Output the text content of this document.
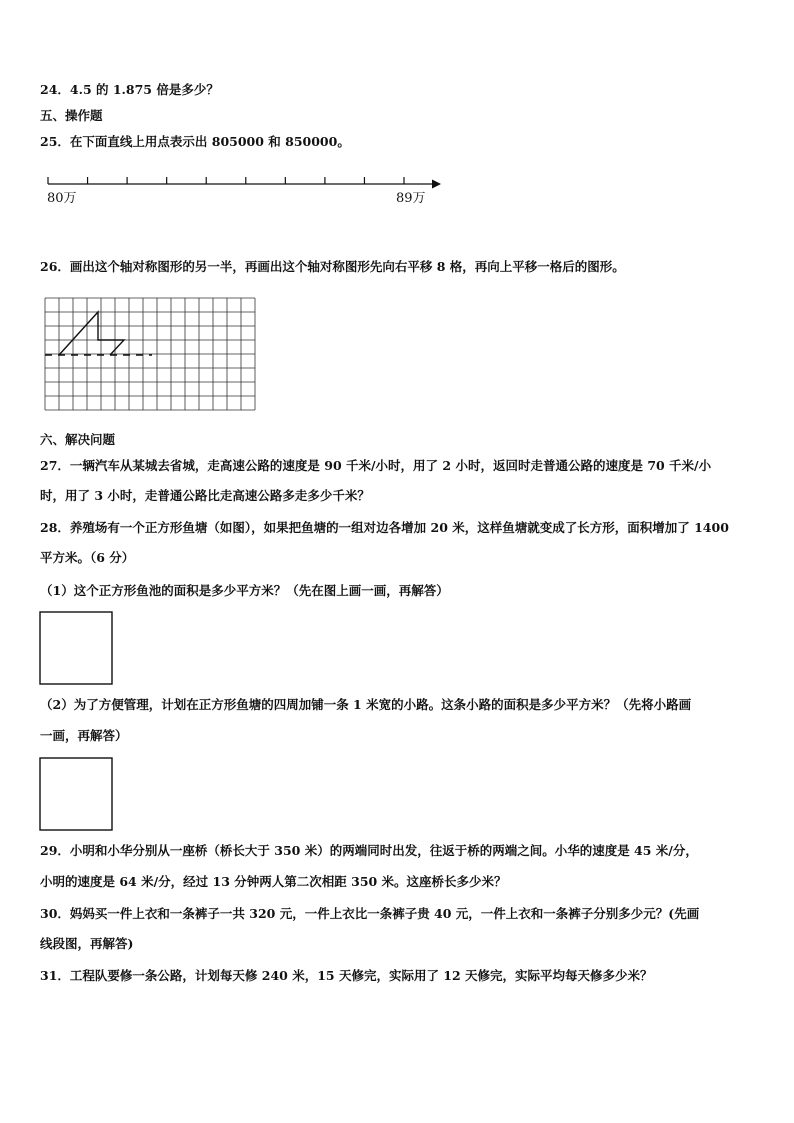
24．4.5 的 1.875 倍是多少？
五、操作题
25．在下面直线上用点表示出 805000 和 850000。
80万	89万
26．画出这个轴对称图形的另一半，再画出这个轴对称图形先向右平移 8 格，再向上平移一格后的图形。
六、解决问题
27．一辆汽车从某城去省城，走高速公路的速度是 90 千米/小时，用了 2 小时，返回时走普通公路的速度是 70 千米/小
时，用了 3 小时，走普通公路比走高速公路多走多少千米？
28．养殖场有一个正方形鱼塘（如图），如果把鱼塘的一组对边各增加 20 米，这样鱼塘就变成了长方形，面积增加了 1400
平方米。（6 分）
（1）这个正方形鱼池的面积是多少平方米？（先在图上画一画，再解答）
（2）为了方便管理，计划在正方形鱼塘的四周加铺一条 1 米宽的小路。这条小路的面积是多少平方米？（先将小路画
一画，再解答）
29．小明和小华分别从一座桥（桥长大于 350 米）的两端同时出发，往返于桥的两端之间。小华的速度是 45 米/分，
小明的速度是 64 米/分，经过 13 分钟两人第二次相距 350 米。这座桥长多少米？
30．妈妈买一件上衣和一条裤子一共 320 元，一件上衣比一条裤子贵 40 元，一件上衣和一条裤子分别多少元？(先画
线段图，再解答)
31．工程队要修一条公路，计划每天修 240 米，15 天修完，实际用了 12 天修完，实际平均每天修多少米？
